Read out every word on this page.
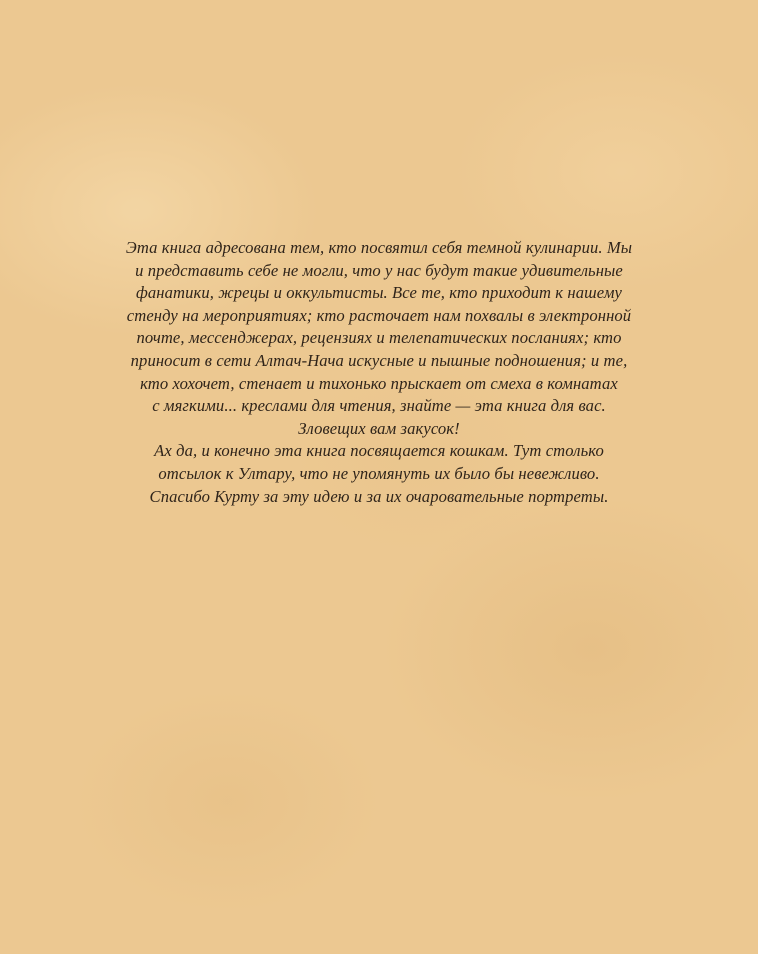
Эта книга адресована тем, кто посвятил себя темной кулинарии. Мы
и представить себе не могли, что у нас будут такие удивительные
фанатики, жрецы и оккультисты. Все те, кто приходит к нашему
стенду на мероприятиях; кто расточает нам похвалы в электронной
почте, мессенджерах, рецензиях и телепатических посланиях; кто
приносит в сети Алтач-Нача искусные и пышные подношения; и те,
кто хохочет, стенает и тихонько прыскает от смеха в комнатах
с мягкими... креслами для чтения, знайте — эта книга для вас.
Зловещих вам закусок!
Ах да, и конечно эта книга посвящается кошкам. Тут столько
отсылок к Ултару, что не упомянуть их было бы невежливо.
Спасибо Курту за эту идею и за их очаровательные портреты.
